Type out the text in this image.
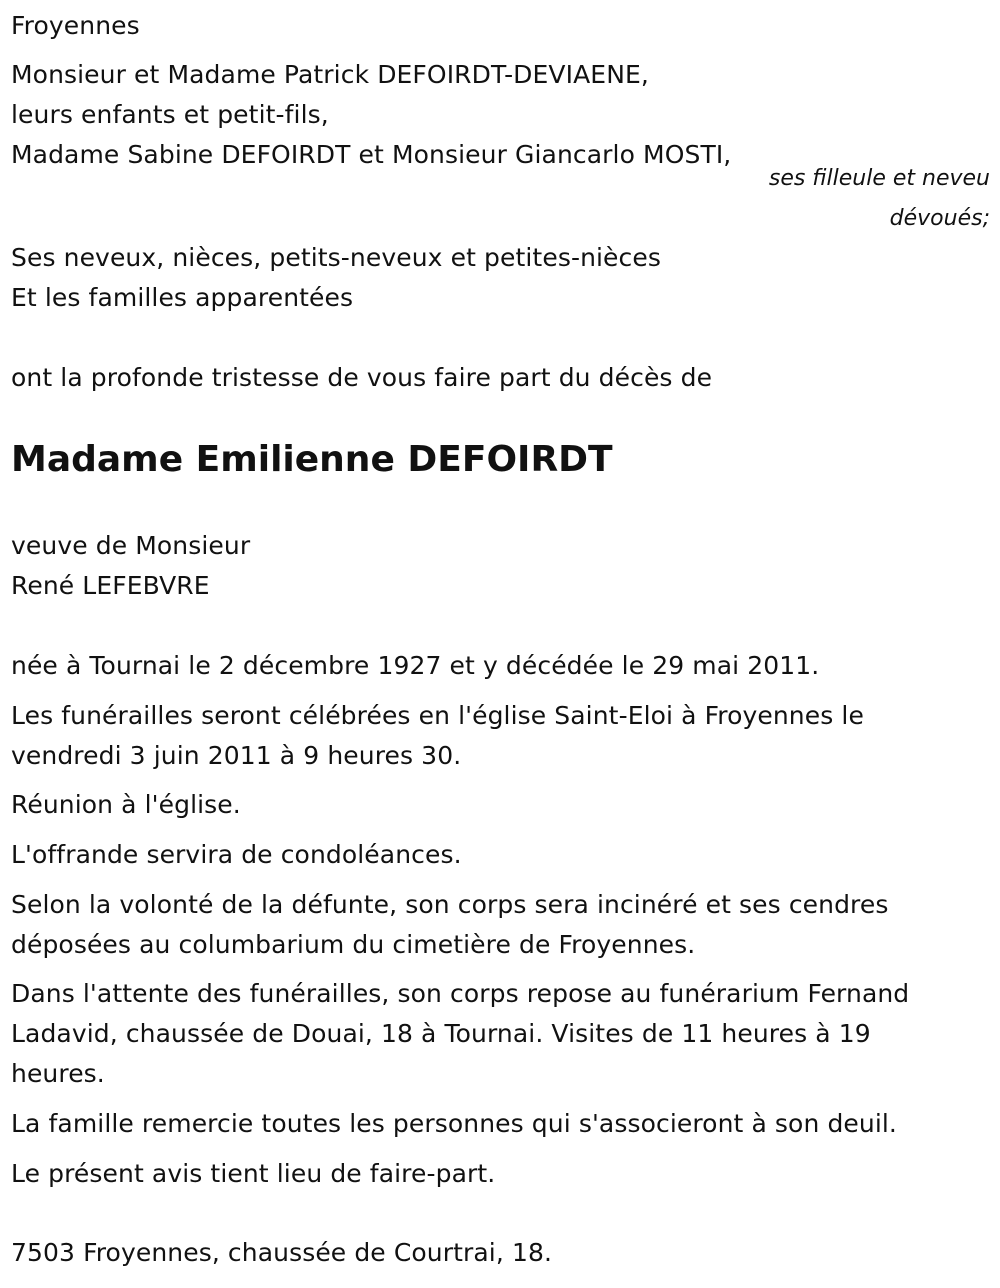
Froyennes
Monsieur et Madame Patrick DEFOIRDT-DEVIAENE,
leurs enfants et petit-fils,
Madame Sabine DEFOIRDT et Monsieur Giancarlo MOSTI,
ses filleule et neveu
dévoués;
Ses neveux, nièces, petits-neveux et petites-nièces
Et les familles apparentées
ont la profonde tristesse de vous faire part du décès de
Madame Emilienne DEFOIRDT
veuve de Monsieur
René LEFEBVRE
née à Tournai le 2 décembre 1927 et y décédée le 29 mai 2011.
Les funérailles seront célébrées en l'église Saint-Eloi à Froyennes le
vendredi 3 juin 2011 à 9 heures 30.
Réunion à l'église.
L'offrande servira de condoléances.
Selon la volonté de la défunte, son corps sera incinéré et ses cendres
déposées au columbarium du cimetière de Froyennes.
Dans l'attente des funérailles, son corps repose au funérarium Fernand
Ladavid, chaussée de Douai, 18 à Tournai. Visites de 11 heures à 19
heures.
La famille remercie toutes les personnes qui s'associeront à son deuil.
Le présent avis tient lieu de faire-part.
7503 Froyennes, chaussée de Courtrai, 18.
